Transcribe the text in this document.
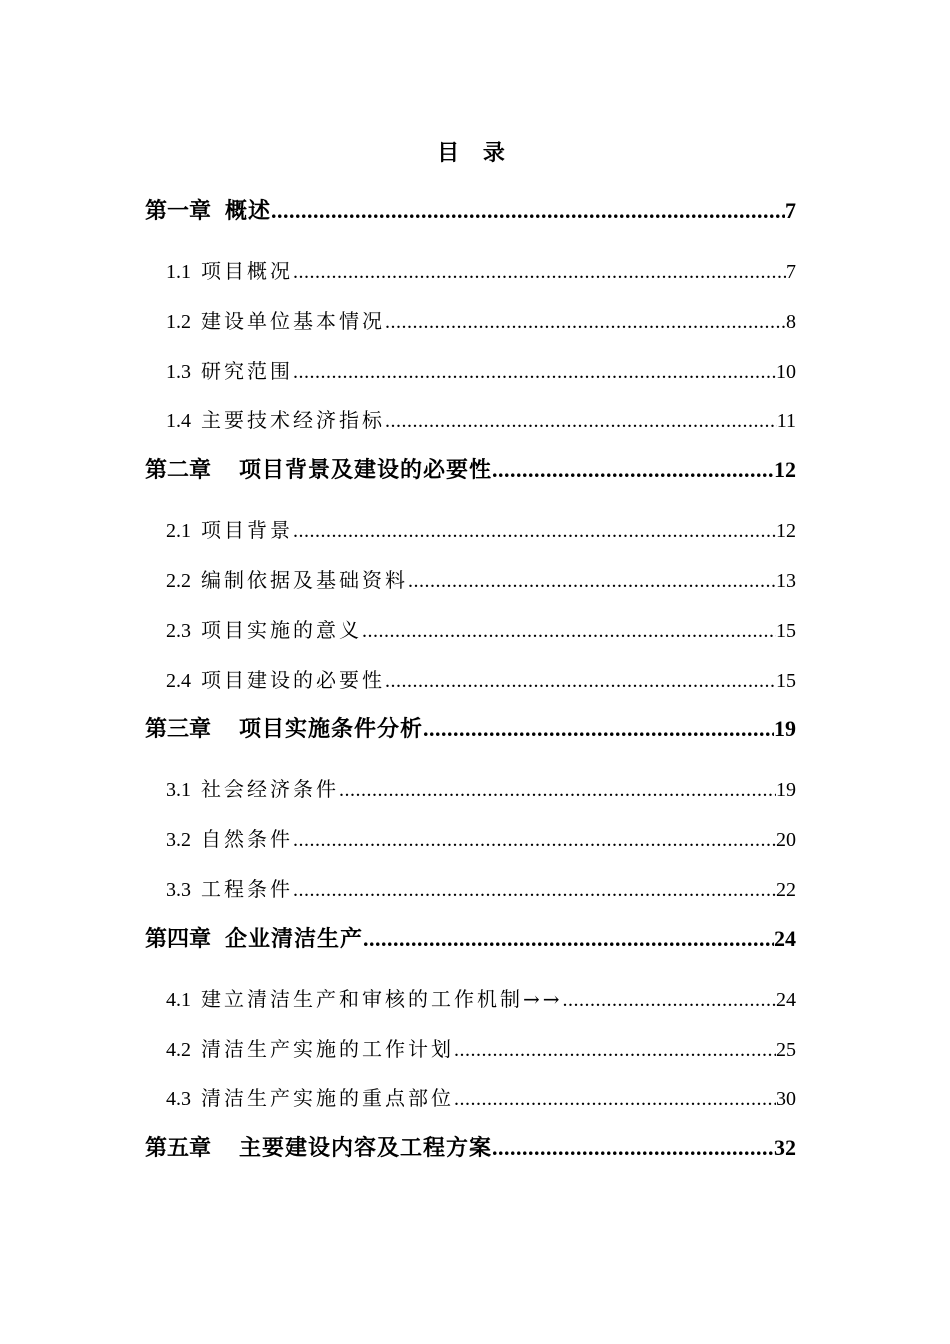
目 录
第一章 概述 .....	7
1.1 项目概况 .....	7
1.2 建设单位基本情况 .....	8
1.3 研究范围 .....	10
1.4 主要技术经济指标 .....	11
第二章 项目背景及建设的必要性 .....	12
2.1 项目背景 .....	12
2.2 编制依据及基础资料 .....	13
2.3 项目实施的意义 .....	15
2.4 项目建设的必要性 .....	15
第三章 项目实施条件分析 .....	19
3.1 社会经济条件 .....	19
3.2 自然条件 .....	20
3.3 工程条件 .....	22
第四章 企业清洁生产 .....	24
4.1 建立清洁生产和审核的工作机制→→ .....	24
4.2 清洁生产实施的工作计划 .....	25
4.3 清洁生产实施的重点部位 .....	30
第五章 主要建设内容及工程方案 .....	32
